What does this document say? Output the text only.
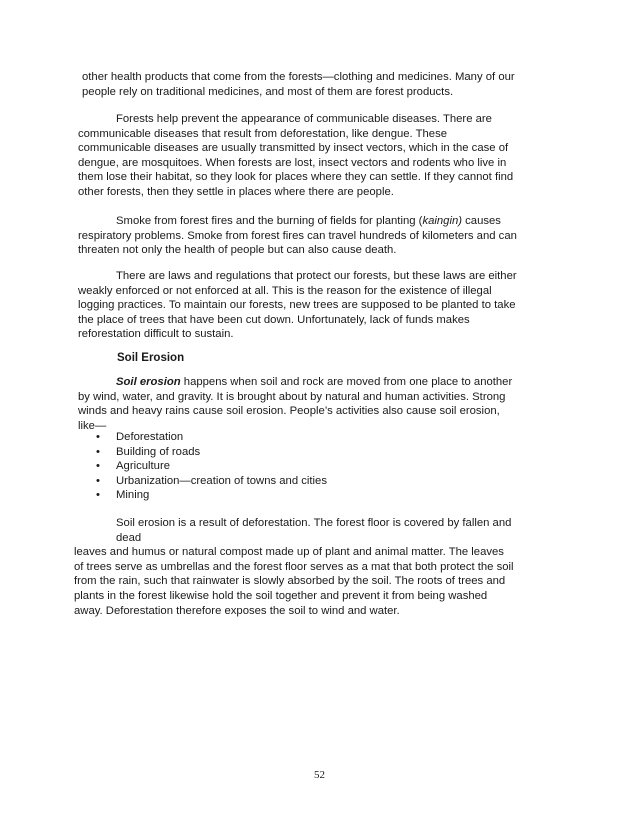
other health products that come from the forests—clothing and medicines. Many of our
people rely on traditional medicines, and most of them are forest products.

Forests help prevent the appearance of communicable diseases. There are
communicable diseases that result from deforestation, like dengue. These
communicable diseases are usually transmitted by insect vectors, which in the case of
dengue, are mosquitoes. When forests are lost, insect vectors and rodents who live in
them lose their habitat, so they look for places where they can settle. If they cannot find
other forests, then they settle in places where there are people.

Smoke from forest fires and the burning of fields for planting (kaingin) causes
respiratory problems. Smoke from forest fires can travel hundreds of kilometers and can
threaten not only the health of people but can also cause death.

There are laws and regulations that protect our forests, but these laws are either
weakly enforced or not enforced at all. This is the reason for the existence of illegal
logging practices. To maintain our forests, new trees are supposed to be planted to take
the place of trees that have been cut down. Unfortunately, lack of funds makes
reforestation difficult to sustain.

Soil Erosion

Soil erosion happens when soil and rock are moved from one place to another
by wind, water, and gravity. It is brought about by natural and human activities. Strong
winds and heavy rains cause soil erosion. People’s activities also cause soil erosion,
like—

• Deforestation
• Building of roads
• Agriculture
• Urbanization—creation of towns and cities
• Mining

Soil erosion is a result of deforestation. The forest floor is covered by fallen and
dead
leaves and humus or natural compost made up of plant and animal matter. The leaves
of trees serve as umbrellas and the forest floor serves as a mat that both protect the soil
from the rain, such that rainwater is slowly absorbed by the soil. The roots of trees and
plants in the forest likewise hold the soil together and prevent it from being washed
away. Deforestation therefore exposes the soil to wind and water.

52
